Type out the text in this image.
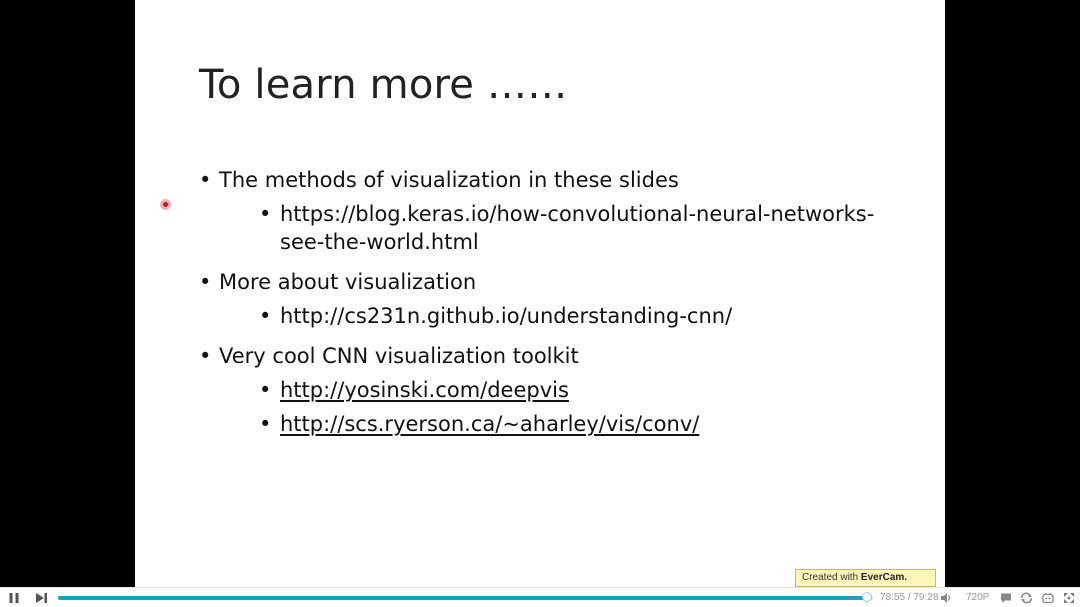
To learn more ……
• The methods of visualization in these slides
• https://blog.keras.io/how-convolutional-neural-networks-see-the-world.html
• More about visualization
• http://cs231n.github.io/understanding-cnn/
• Very cool CNN visualization toolkit
• http://yosinski.com/deepvis
• http://scs.ryerson.ca/~aharley/vis/conv/
Created with EverCam.
78:55 / 79:28	720P
